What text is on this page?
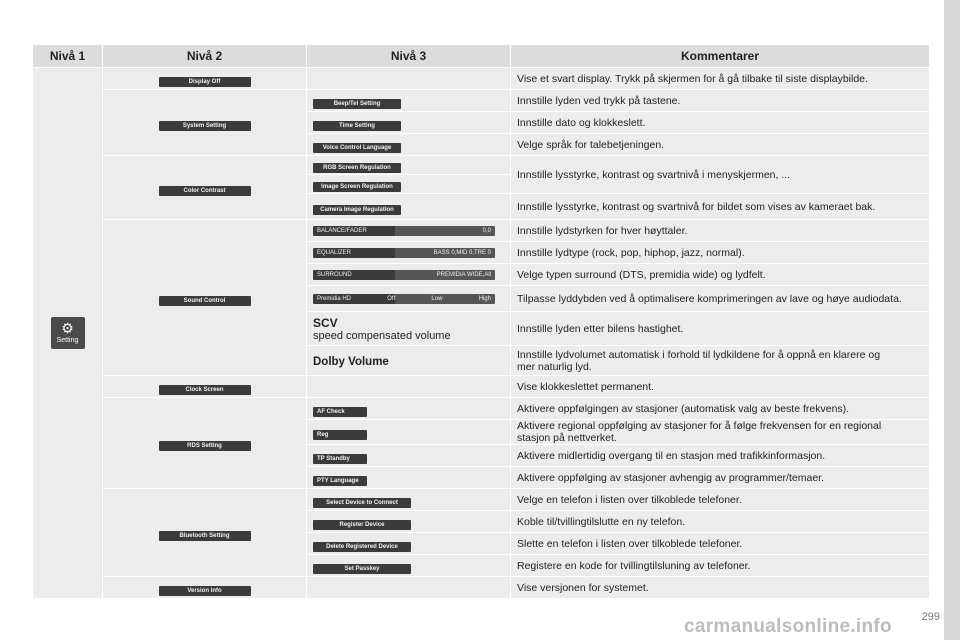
Nivå 1	Nivå 2	Nivå 3	Kommentarer

⚙
Setting	Display Off		Vise et svart display. Trykk på skjermen for å gå tilbake til siste displaybilde.
	System Setting	Beep/Tel Setting	Innstille lyden ved trykk på tastene.
		Time Setting	Innstille dato og klokkeslett.
		Voice Control Language	Velge språk for talebetjeningen.
	Color Contrast	RGB Screen Regulation	Innstille lysstyrke, kontrast og svartnivå i menyskjermen, ...
		Image Screen Regulation	
		Camera Image Regulation	Innstille lysstyrke, kontrast og svartnivå for bildet som vises av kameraet bak.
	Sound Control	BALANCE/FADER 0,0	Innstille lydstyrken for hver høyttaler.

		EQUALIZER BASS 0,MID 0,TRE 0	Innstille lydtype (rock, pop, hiphop, jazz, normal).

		SURROUND PREMIDIA WIDE,All	Velge typen surround (DTS, premidia wide) og lydfelt.

		Premidia HD Off Low High	Tilpasse lyddybden ved å optimalisere komprimeringen av lave og høye audiodata.

		SCV
speed compensated volume	Innstille lyden etter bilens hastighet.
		Dolby Volume	Innstille lydvolumet automatisk i forhold til lydkildene for å oppnå en klarere og
mer naturlig lyd.

	Clock Screen		Vise klokkeslettet permanent.
	RDS Setting	AF Check	Aktivere oppfølgingen av stasjoner (automatisk valg av beste frekvens).
		Reg	Aktivere regional oppfølging av stasjoner for å følge frekvensen for en regional
stasjon på nettverket.

		TP Standby	Aktivere midlertidig overgang til en stasjon med trafikkinformasjon.
		PTY Language	Aktivere oppfølging av stasjoner avhengig av programmer/temaer.
	Bluetooth Setting	Select Device to Connect	Velge en telefon i listen over tilkoblede telefoner.
		Register Device	Koble til/tvillingtilslutte en ny telefon.
		Delete Registered Device	Slette en telefon i listen over tilkoblede telefoner.
		Set Passkey	Registere en kode for tvillingtilsluning av telefoner.
	Version Info		Vise versjonen for systemet.
299
carmanualsonline.info
